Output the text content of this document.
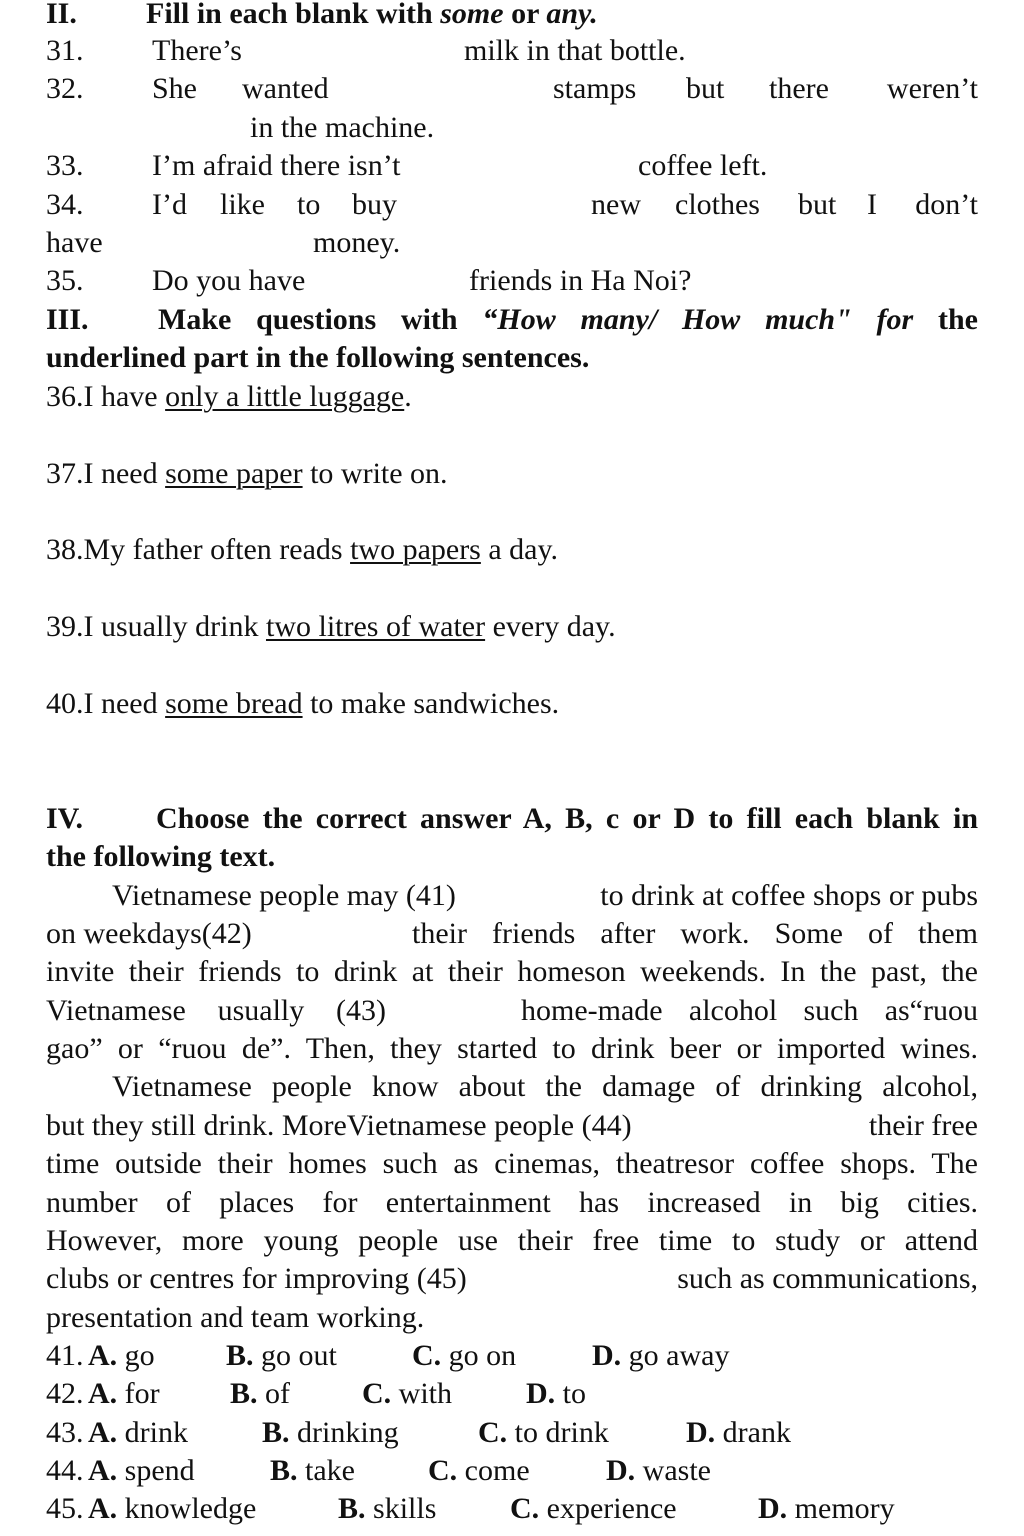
II. Fill in each blank with some or any.
31. There’s	milk in that bottle.
32. She wanted	stamps but there weren’t
in the machine.
33. I’m afraid there isn’t	coffee left.
34. I’d like to buy	new clothes but I don’t
have	money.
35. Do you have	friends in Ha Noi?
III. Make questions with “How many/ How much" for the
underlined part in the following sentences.
36.I have only a little luggage.
37.I need some paper to write on.
38.My father often reads two papers a day.
39.I usually drink two litres of water every day.
40.I need some bread to make sandwiches.
IV. Choose the correct answer A, B, c or D to fill each blank in
the following text.
Vietnamese people may (41)	to drink at coffee shops or pubs
on weekdays(42)	their friends after work. Some of them
invite their friends to drink at their homeson weekends. In the past, the
Vietnamese usually (43)	home-made alcohol such as“ruou
gao” or “ruou de”. Then, they started to drink beer or imported wines.
Vietnamese people know about the damage of drinking alcohol,
but they still drink. MoreVietnamese people (44)	their free
time outside their homes such as cinemas, theatresor coffee shops. The
number of places for entertainment has increased in big cities.
However, more young people use their free time to study or attend
clubs or centres for improving (45)	such as communications,
presentation and team working.
41. A. go B. go out	C. go on	D. go away
42. A. for B. of C. with D. to
43. A. drink B. drinking	C. to drink	D. drank
44. A. spend	B. take C. come	D. waste
45. A. knowledge	B. skills C. experience	D. memory
